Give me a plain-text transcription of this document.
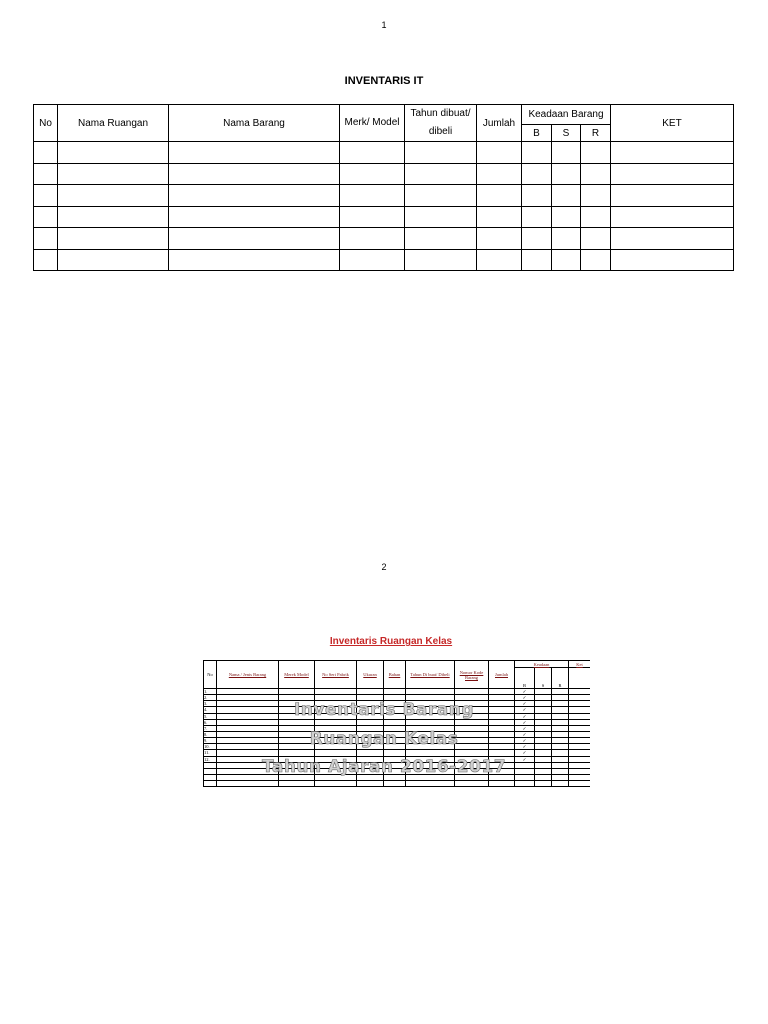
1
INVENTARIS IT
No	Nama Ruangan	Nama Barang	Merk/ Model	Tahun dibuat/ dibeli	Jumlah	Keadaan Barang			KET
						B	S	R	

2
Inventaris Ruangan Kelas
No	Nama / Jenis Barang	Merek Model	No Seri Pabrik	Ukuran	Bahan	Tahun Di buat/ Dibeli	Nomor Kode Barang	Jumlah	Keadaan			Ket
									B	S	R	
1.									✓			
2.									✓			
3.									✓			
4.									✓			
5.									✓			
6.									✓			
7.									✓			
8.									✓			
9.									✓			
10.									✓			
11.									✓			
12.									✓			

Inventaris Barang
Ruangan Kelas
Tahun Ajaran 2016-2017
